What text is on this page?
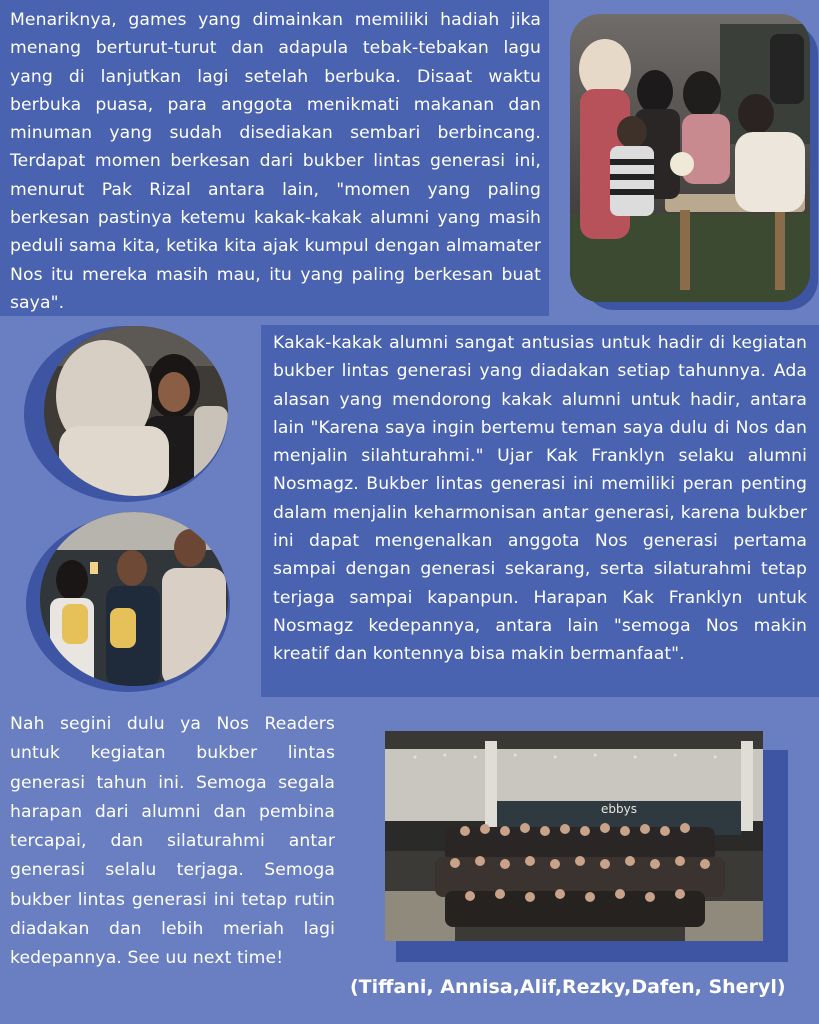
Menariknya, games yang dimainkan memiliki hadiah jika menang berturut-turut dan adapula tebak-tebakan lagu yang di lanjutkan lagi setelah berbuka. Disaat waktu berbuka puasa, para anggota menikmati makanan dan minuman yang sudah disediakan sembari berbincang. Terdapat momen berkesan dari bukber lintas generasi ini, menurut Pak Rizal antara lain, "momen yang paling berkesan pastinya ketemu kakak-kakak alumni yang masih peduli sama kita, ketika kita ajak kumpul dengan almamater Nos itu mereka masih mau, itu yang paling berkesan buat saya".

Kakak-kakak alumni sangat antusias untuk hadir di kegiatan bukber lintas generasi yang diadakan setiap tahunnya. Ada alasan yang mendorong kakak alumni untuk hadir, antara lain "Karena saya ingin bertemu teman saya dulu di Nos dan menjalin silahturahmi." Ujar Kak Franklyn selaku alumni Nosmagz. Bukber lintas generasi ini memiliki peran penting dalam menjalin keharmonisan antar generasi, karena bukber ini dapat mengenalkan anggota Nos generasi pertama sampai dengan generasi sekarang, serta silaturahmi tetap terjaga sampai kapanpun. Harapan Kak Franklyn untuk Nosmagz kedepannya, antara lain "semoga Nos makin kreatif dan kontennya bisa makin bermanfaat".

Nah segini dulu ya Nos Readers untuk kegiatan bukber lintas generasi tahun ini. Semoga segala harapan dari alumni dan pembina tercapai, dan silaturahmi antar generasi selalu terjaga. Semoga bukber lintas generasi ini tetap rutin diadakan dan lebih meriah lagi kedepannya. See uu next time!

ebbys
(Tiffani, Annisa,Alif,Rezky,Dafen, Sheryl)
